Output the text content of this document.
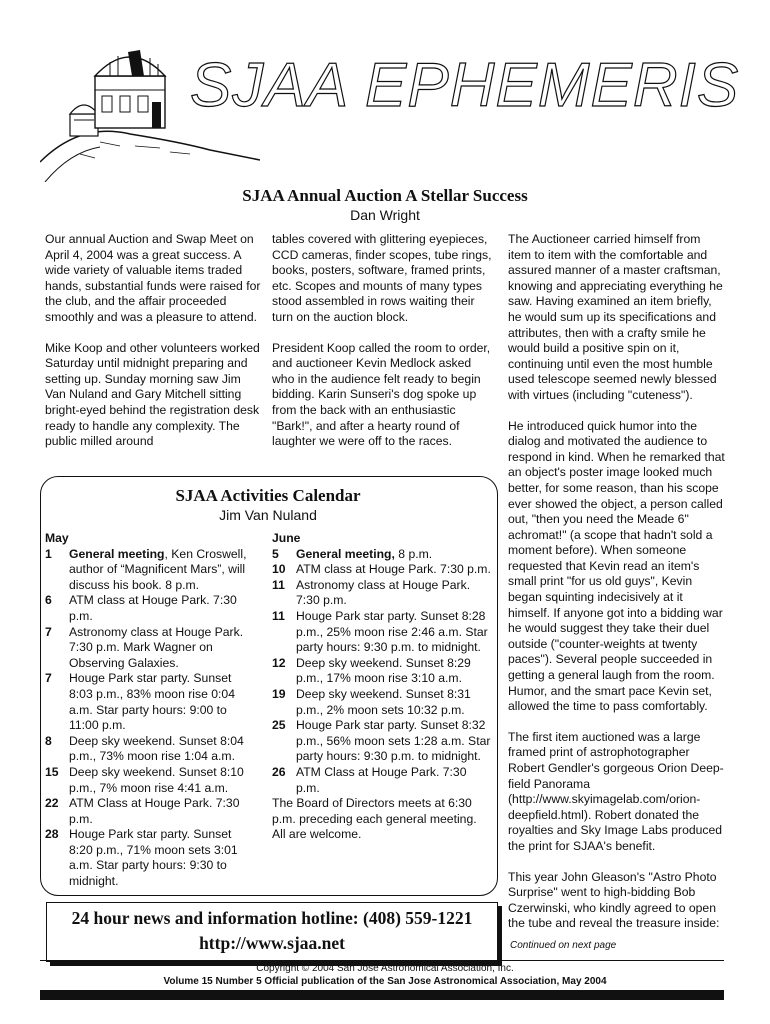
SJAA EPHEMERIS
SJAA Annual Auction A Stellar Success
Dan Wright

Our annual Auction and Swap Meet on April 4, 2004 was a great success. A wide variety of valuable items traded hands, substantial funds were raised for the club, and the affair proceeded smoothly and was a pleasure to attend.

Mike Koop and other volunteers worked Saturday until midnight preparing and setting up. Sunday morning saw Jim Van Nuland and Gary Mitchell sitting bright-eyed behind the registration desk ready to handle any complexity. The public milled around

tables covered with glittering eyepieces, CCD cameras, finder scopes, tube rings, books, posters, software, framed prints, etc. Scopes and mounts of many types stood assembled in rows waiting their turn on the auction block.

President Koop called the room to order, and auctioneer Kevin Medlock asked who in the audience felt ready to begin bidding. Karin Sunseri's dog spoke up from the back with an enthusiastic "Bark!", and after a hearty round of laughter we were off to the races.

The Auctioneer carried himself from item to item with the comfortable and assured manner of a master craftsman, knowing and appreciating everything he saw. Having examined an item briefly, he would sum up its specifications and attributes, then with a crafty smile he would build a positive spin on it, continuing until even the most humble used telescope seemed newly blessed with virtues (including "cuteness").

He introduced quick humor into the dialog and motivated the audience to respond in kind. When he remarked that an object's poster image looked much better, for some reason, than his scope ever showed the object, a person called out, "then you need the Meade 6" achromat!" (a scope that hadn't sold a moment before). When someone requested that Kevin read an item's small print "for us old guys", Kevin began squinting indecisively at it himself. If anyone got into a bidding war he would suggest they take their duel outside ("counter-weights at twenty paces"). Several people succeeded in getting a general laugh from the room. Humor, and the smart pace Kevin set, allowed the time to pass comfortably.

The first item auctioned was a large framed print of astrophotographer Robert Gendler's gorgeous Orion Deep-field Panorama (http://www.skyimagelab.com/orion-deepfield.html). Robert donated the royalties and Sky Image Labs produced the print for SJAA's benefit.

This year John Gleason's "Astro Photo Surprise" went to high-bidding Bob Czerwinski, who kindly agreed to open the tube and reveal the treasure inside:

Continued on next page
SJAA Activities Calendar
Jim Van Nuland
May
1	General meeting, Ken Croswell, author of “Magnificent Mars”, will discuss his book. 8 p.m.
6	ATM class at Houge Park. 7:30 p.m.
7	Astronomy class at Houge Park. 7:30 p.m. Mark Wagner on Observing Galaxies.
7	Houge Park star party. Sunset 8:03 p.m., 83% moon rise 0:04 a.m. Star party hours: 9:00 to 11:00 p.m.
8	Deep sky weekend. Sunset 8:04 p.m., 73% moon rise 1:04 a.m.
15 Deep sky weekend. Sunset 8:10 p.m., 7% moon rise 4:41 a.m.
22 ATM Class at Houge Park. 7:30 p.m.
28 Houge Park star party. Sunset 8:20 p.m., 71% moon sets 3:01 a.m. Star party hours: 9:30 to midnight.
June
5	General meeting, 8 p.m.
10 ATM class at Houge Park. 7:30 p.m.
11 Astronomy class at Houge Park. 7:30 p.m.
11 Houge Park star party. Sunset 8:28 p.m., 25% moon rise 2:46 a.m. Star party hours: 9:30 p.m. to midnight.
12 Deep sky weekend. Sunset 8:29 p.m., 17% moon rise 3:10 a.m.
19 Deep sky weekend. Sunset 8:31 p.m., 2% moon sets 10:32 p.m.
25 Houge Park star party. Sunset 8:32 p.m., 56% moon sets 1:28 a.m. Star party hours: 9:30 p.m. to midnight.
26 ATM Class at Houge Park. 7:30 p.m.
The Board of Directors meets at 6:30 p.m. preceding each general meeting. All are welcome.
24 hour news and information hotline: (408) 559-1221
http://www.sjaa.net
Copyright © 2004 San Jose Astronomical Association, Inc.
Volume 15 Number 5 Official publication of the San Jose Astronomical Association, May 2004
